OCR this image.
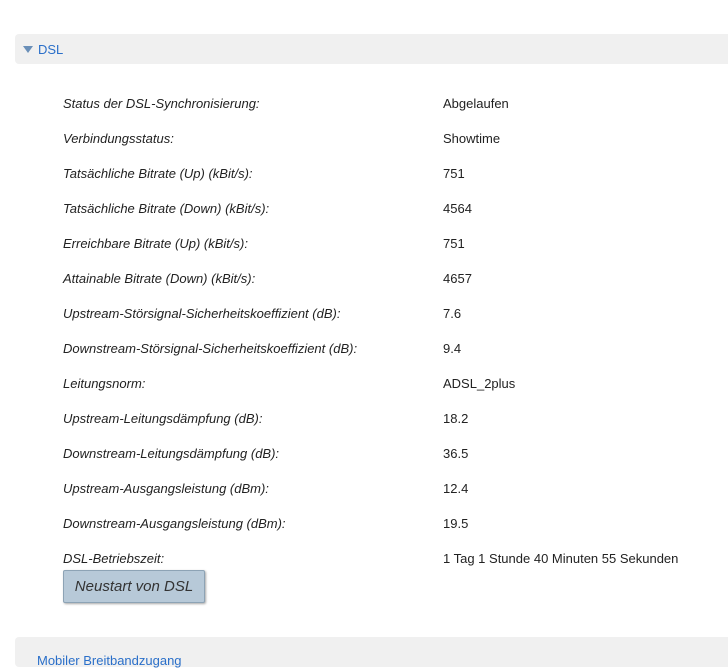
DSL
Status der DSL-Synchronisierung:	Abgelaufen
Verbindungsstatus:	Showtime
Tatsächliche Bitrate (Up) (kBit/s):	751
Tatsächliche Bitrate (Down) (kBit/s):	4564
Erreichbare Bitrate (Up) (kBit/s):	751
Attainable Bitrate (Down) (kBit/s):	4657
Upstream-Störsignal-Sicherheitskoeffizient (dB):	7.6
Downstream-Störsignal-Sicherheitskoeffizient (dB):	9.4
Leitungsnorm:	ADSL_2plus
Upstream-Leitungsdämpfung (dB):	18.2
Downstream-Leitungsdämpfung (dB):	36.5
Upstream-Ausgangsleistung (dBm):	12.4
Downstream-Ausgangsleistung (dBm):	19.5
DSL-Betriebszeit:	1 Tag 1 Stunde 40 Minuten 55 Sekunden
Neustart von DSL
Mobiler Breitbandzugang
